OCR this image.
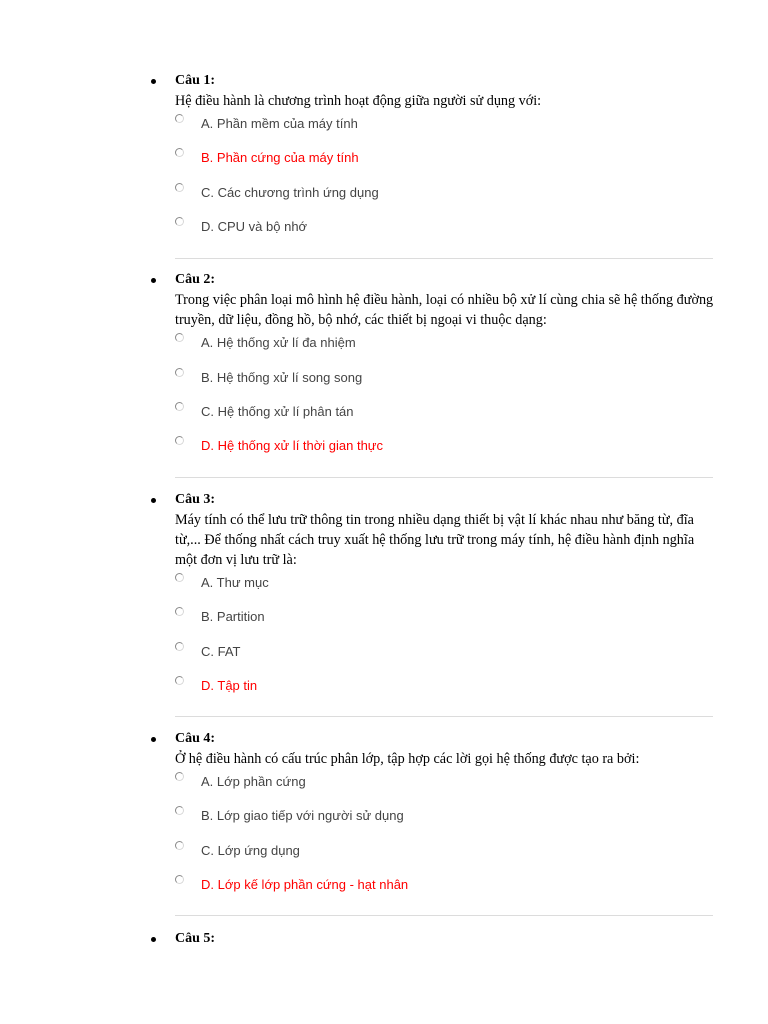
Câu 1:
Hệ điều hành là chương trình hoạt động giữa người sử dụng với:
A. Phần mềm của máy tính
B. Phần cứng của máy tính
C. Các chương trình ứng dụng
D. CPU và bộ nhớ
Câu 2:
Trong việc phân loại mô hình hệ điều hành, loại có nhiều bộ xử lí cùng chia sẽ hệ thống đường truyền, dữ liệu, đồng hồ, bộ nhớ, các thiết bị ngoại vi thuộc dạng:
A. Hệ thống xử lí đa nhiệm
B. Hệ thống xử lí song song
C. Hệ thống xử lí phân tán
D. Hệ thống xử lí thời gian thực
Câu 3:
Máy tính có thể lưu trữ thông tin trong nhiều dạng thiết bị vật lí khác nhau như băng từ, đĩa từ,... Để thống nhất cách truy xuất hệ thống lưu trữ trong máy tính, hệ điều hành định nghĩa một đơn vị lưu trữ là:
A. Thư mục
B. Partition
C. FAT
D. Tập tin
Câu 4:
Ở hệ điều hành có cấu trúc phân lớp, tập hợp các lời gọi hệ thống được tạo ra bởi:
A. Lớp phần cứng
B. Lớp giao tiếp với người sử dụng
C. Lớp ứng dụng
D. Lớp kế lớp phần cứng - hạt nhân
Câu 5:
